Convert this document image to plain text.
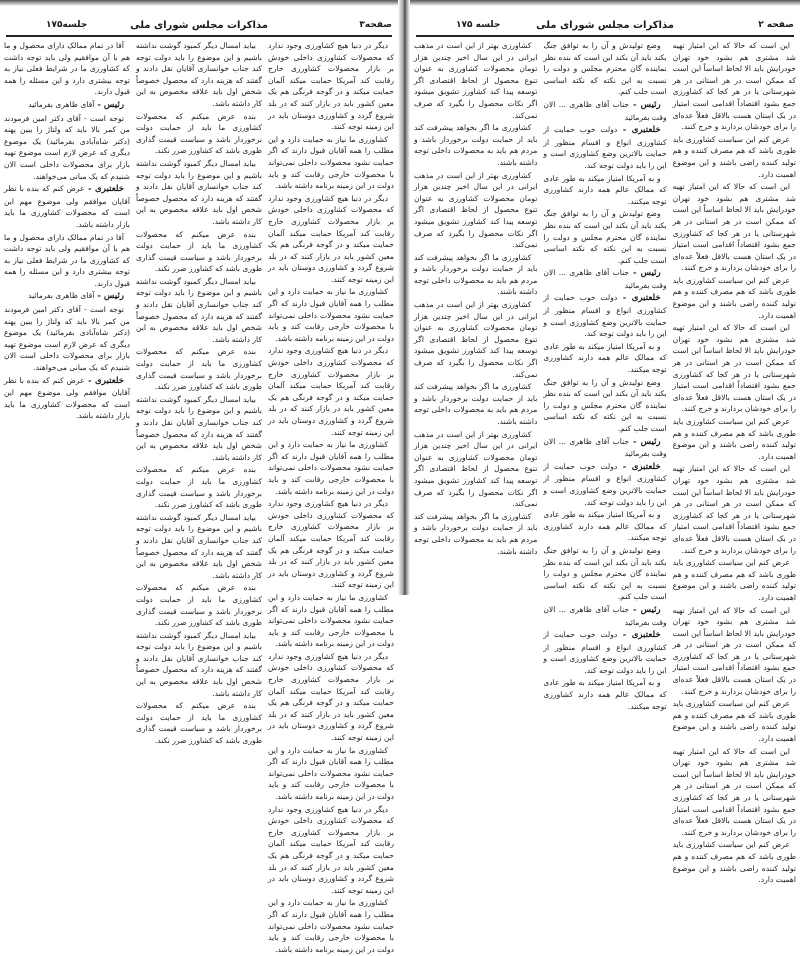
صفحه۳
مذاکرات مجلس شورای ملی
جلسه۱۷۵

دیگر در دنیا هیچ کشاورزی وجود ندارد که محصولات کشاورزی داخلی خودش بر بازار محصولات کشاورزی خارج رقابت کند آمریکا حمایت میکند آلمان حمایت میکند و در گوجه فرنگی هم یک معین کشور باید در بازار کنند که در بلد شروع گردد و کشاورزی دوستان باید در این زمینه توجه کنند.

کشاورزی ما نیاز به حمایت دارد و این مطلب را همه آقایان قبول دارند که اگر حمایت نشود محصولات داخلی نمی‌تواند با محصولات خارجی رقابت کند و باید دولت در این زمینه برنامه داشته باشد.

دیگر در دنیا هیچ کشاورزی وجود ندارد که محصولات کشاورزی داخلی خودش بر بازار محصولات کشاورزی خارج رقابت کند آمریکا حمایت میکند آلمان حمایت میکند و در گوجه فرنگی هم یک معین کشور باید در بازار کنند که در بلد شروع گردد و کشاورزی دوستان باید در این زمینه توجه کنند.

کشاورزی ما نیاز به حمایت دارد و این مطلب را همه آقایان قبول دارند که اگر حمایت نشود محصولات داخلی نمی‌تواند با محصولات خارجی رقابت کند و باید دولت در این زمینه برنامه داشته باشد.

دیگر در دنیا هیچ کشاورزی وجود ندارد که محصولات کشاورزی داخلی خودش بر بازار محصولات کشاورزی خارج رقابت کند آمریکا حمایت میکند آلمان حمایت میکند و در گوجه فرنگی هم یک معین کشور باید در بازار کنند که در بلد شروع گردد و کشاورزی دوستان باید در این زمینه توجه کنند.

کشاورزی ما نیاز به حمایت دارد و این مطلب را همه آقایان قبول دارند که اگر حمایت نشود محصولات داخلی نمی‌تواند با محصولات خارجی رقابت کند و باید دولت در این زمینه برنامه داشته باشد.

دیگر در دنیا هیچ کشاورزی وجود ندارد که محصولات کشاورزی داخلی خودش بر بازار محصولات کشاورزی خارج رقابت کند آمریکا حمایت میکند آلمان حمایت میکند و در گوجه فرنگی هم یک معین کشور باید در بازار کنند که در بلد شروع گردد و کشاورزی دوستان باید در این زمینه توجه کنند.

کشاورزی ما نیاز به حمایت دارد و این مطلب را همه آقایان قبول دارند که اگر حمایت نشود محصولات داخلی نمی‌تواند با محصولات خارجی رقابت کند و باید دولت در این زمینه برنامه داشته باشد.

دیگر در دنیا هیچ کشاورزی وجود ندارد که محصولات کشاورزی داخلی خودش بر بازار محصولات کشاورزی خارج رقابت کند آمریکا حمایت میکند آلمان حمایت میکند و در گوجه فرنگی هم یک معین کشور باید در بازار کنند که در بلد شروع گردد و کشاورزی دوستان باید در این زمینه توجه کنند.

کشاورزی ما نیاز به حمایت دارد و این مطلب را همه آقایان قبول دارند که اگر حمایت نشود محصولات داخلی نمی‌تواند با محصولات خارجی رقابت کند و باید دولت در این زمینه برنامه داشته باشد.

دیگر در دنیا هیچ کشاورزی وجود ندارد که محصولات کشاورزی داخلی خودش بر بازار محصولات کشاورزی خارج رقابت کند آمریکا حمایت میکند آلمان حمایت میکند و در گوجه فرنگی هم یک معین کشور باید در بازار کنند که در بلد شروع گردد و کشاورزی دوستان باید در این زمینه توجه کنند.

کشاورزی ما نیاز به حمایت دارد و این مطلب را همه آقایان قبول دارند که اگر حمایت نشود محصولات داخلی نمی‌تواند با محصولات خارجی رقابت کند و باید دولت در این زمینه برنامه داشته باشد.

بیاید امسال دیگر کمبود گوشت نداشته باشیم و این موضوع را باید دولت توجه کند جناب خوانساری آقایان نقل دادند و گفتند که هزینه دارد که محصول خصوصاً شخص اول باید علاقه مخصوص به این کار داشته باشد.

بنده عرض میکنم که محصولات کشاورزی ما باید از حمایت دولت برخوردار باشد و سیاست قیمت گذاری طوری باشد که کشاورز ضرر نکند.

بیاید امسال دیگر کمبود گوشت نداشته باشیم و این موضوع را باید دولت توجه کند جناب خوانساری آقایان نقل دادند و گفتند که هزینه دارد که محصول خصوصاً شخص اول باید علاقه مخصوص به این کار داشته باشد.

بنده عرض میکنم که محصولات کشاورزی ما باید از حمایت دولت برخوردار باشد و سیاست قیمت گذاری طوری باشد که کشاورز ضرر نکند.

بیاید امسال دیگر کمبود گوشت نداشته باشیم و این موضوع را باید دولت توجه کند جناب خوانساری آقایان نقل دادند و گفتند که هزینه دارد که محصول خصوصاً شخص اول باید علاقه مخصوص به این کار داشته باشد.

بنده عرض میکنم که محصولات کشاورزی ما باید از حمایت دولت برخوردار باشد و سیاست قیمت گذاری طوری باشد که کشاورز ضرر نکند.

بیاید امسال دیگر کمبود گوشت نداشته باشیم و این موضوع را باید دولت توجه کند جناب خوانساری آقایان نقل دادند و گفتند که هزینه دارد که محصول خصوصاً شخص اول باید علاقه مخصوص به این کار داشته باشد.

بنده عرض میکنم که محصولات کشاورزی ما باید از حمایت دولت برخوردار باشد و سیاست قیمت گذاری طوری باشد که کشاورز ضرر نکند.

بیاید امسال دیگر کمبود گوشت نداشته باشیم و این موضوع را باید دولت توجه کند جناب خوانساری آقایان نقل دادند و گفتند که هزینه دارد که محصول خصوصاً شخص اول باید علاقه مخصوص به این کار داشته باشد.

بنده عرض میکنم که محصولات کشاورزی ما باید از حمایت دولت برخوردار باشد و سیاست قیمت گذاری طوری باشد که کشاورز ضرر نکند.

بیاید امسال دیگر کمبود گوشت نداشته باشیم و این موضوع را باید دولت توجه کند جناب خوانساری آقایان نقل دادند و گفتند که هزینه دارد که محصول خصوصاً شخص اول باید علاقه مخصوص به این کار داشته باشد.

بنده عرض میکنم که محصولات کشاورزی ما باید از حمایت دولت برخوردار باشد و سیاست قیمت گذاری طوری باشد که کشاورز ضرر نکند.

آقا در تمام ممالک دارای محصول و ما هم با آن موافقیم ولی باید توجه داشت که کشاورزی ما در شرایط فعلی نیاز به توجه بیشتری دارد و این مسئله را همه قبول دارند.

رئیس - آقای ظاهری بفرمائید

توجه است - آقای دکتر امین فرمودند من کمر بالا باید که ولتاژ را ببین پهنه (دکتر شاه‌آبادی بفرمائید) یک موضوع دیگری که عرض لازم است موضوع تهیه بازار برای محصولات داخلی است الان شنیدم که یک مبانی می‌خواهند.

خلعتبری - عرض کنم که بنده با نظر آقایان موافقم ولی موضوع مهم این است که محصولات کشاورزی ما باید بازار داشته باشد.

آقا در تمام ممالک دارای محصول و ما هم با آن موافقیم ولی باید توجه داشت که کشاورزی ما در شرایط فعلی نیاز به توجه بیشتری دارد و این مسئله را همه قبول دارند.

رئیس - آقای ظاهری بفرمائید

توجه است - آقای دکتر امین فرمودند من کمر بالا باید که ولتاژ را ببین پهنه (دکتر شاه‌آبادی بفرمائید) یک موضوع دیگری که عرض لازم است موضوع تهیه بازار برای محصولات داخلی است الان شنیدم که یک مبانی می‌خواهند.

خلعتبری - عرض کنم که بنده با نظر آقایان موافقم ولی موضوع مهم این است که محصولات کشاورزی ما باید بازار داشته باشد.

صفحه ۲
مذاکرات مجلس شورای ملی
جلسه ۱۷۵

این است که حالا که این امتیاز تهیه شد مشتری هم بشود خود تهران خودرایش باید الا لحاظ اساساً این است که ممکن است در هر استانی در هر شهرستانی یا در هر کجا که کشاورزی جمع بشود اقتصاداً اقدامی است امتیاز در یک استان هست بالاقل فعلاً عده‌ای را برای خودشان بردارند و خرج کنند.

عرض کنم این سیاست کشاورزی باید طوری باشد که هم مصرف کننده و هم تولید کننده راضی باشند و این موضوع اهمیت دارد.

این است که حالا که این امتیاز تهیه شد مشتری هم بشود خود تهران خودرایش باید الا لحاظ اساساً این است که ممکن است در هر استانی در هر شهرستانی یا در هر کجا که کشاورزی جمع بشود اقتصاداً اقدامی است امتیاز در یک استان هست بالاقل فعلاً عده‌ای را برای خودشان بردارند و خرج کنند.

عرض کنم این سیاست کشاورزی باید طوری باشد که هم مصرف کننده و هم تولید کننده راضی باشند و این موضوع اهمیت دارد.

این است که حالا که این امتیاز تهیه شد مشتری هم بشود خود تهران خودرایش باید الا لحاظ اساساً این است که ممکن است در هر استانی در هر شهرستانی یا در هر کجا که کشاورزی جمع بشود اقتصاداً اقدامی است امتیاز در یک استان هست بالاقل فعلاً عده‌ای را برای خودشان بردارند و خرج کنند.

عرض کنم این سیاست کشاورزی باید طوری باشد که هم مصرف کننده و هم تولید کننده راضی باشند و این موضوع اهمیت دارد.

این است که حالا که این امتیاز تهیه شد مشتری هم بشود خود تهران خودرایش باید الا لحاظ اساساً این است که ممکن است در هر استانی در هر شهرستانی یا در هر کجا که کشاورزی جمع بشود اقتصاداً اقدامی است امتیاز در یک استان هست بالاقل فعلاً عده‌ای را برای خودشان بردارند و خرج کنند.

عرض کنم این سیاست کشاورزی باید طوری باشد که هم مصرف کننده و هم تولید کننده راضی باشند و این موضوع اهمیت دارد.

این است که حالا که این امتیاز تهیه شد مشتری هم بشود خود تهران خودرایش باید الا لحاظ اساساً این است که ممکن است در هر استانی در هر شهرستانی یا در هر کجا که کشاورزی جمع بشود اقتصاداً اقدامی است امتیاز در یک استان هست بالاقل فعلاً عده‌ای را برای خودشان بردارند و خرج کنند.

عرض کنم این سیاست کشاورزی باید طوری باشد که هم مصرف کننده و هم تولید کننده راضی باشند و این موضوع اهمیت دارد.

این است که حالا که این امتیاز تهیه شد مشتری هم بشود خود تهران خودرایش باید الا لحاظ اساساً این است که ممکن است در هر استانی در هر شهرستانی یا در هر کجا که کشاورزی جمع بشود اقتصاداً اقدامی است امتیاز در یک استان هست بالاقل فعلاً عده‌ای را برای خودشان بردارند و خرج کنند.

عرض کنم این سیاست کشاورزی باید طوری باشد که هم مصرف کننده و هم تولید کننده راضی باشند و این موضوع اهمیت دارد.

وضع تولیدش و آن را به توافق جنگ بکند باید آن بکند این است که بنده نظر نماینده گان محترم مجلس و دولت را نسبت به این نکته که نکته اساسی است جلب کنم.

رئیس - جناب آقای ظاهری ... الان وقت بفرمائید

خلعتبری - دولت خوب حمایت از کشاورزی انواع و اقسام منظور از حمایت بالاترین وضع کشاورزی است و این را باید دولت توجه کند.

و به آمریکا امتیاز میکند به طور عادی که ممالک عالم همه دارند کشاورزی توجه میکنند.

وضع تولیدش و آن را به توافق جنگ بکند باید آن بکند این است که بنده نظر نماینده گان محترم مجلس و دولت را نسبت به این نکته که نکته اساسی است جلب کنم.

رئیس - جناب آقای ظاهری ... الان وقت بفرمائید

خلعتبری - دولت خوب حمایت از کشاورزی انواع و اقسام منظور از حمایت بالاترین وضع کشاورزی است و این را باید دولت توجه کند.

و به آمریکا امتیاز میکند به طور عادی که ممالک عالم همه دارند کشاورزی توجه میکنند.

وضع تولیدش و آن را به توافق جنگ بکند باید آن بکند این است که بنده نظر نماینده گان محترم مجلس و دولت را نسبت به این نکته که نکته اساسی است جلب کنم.

رئیس - جناب آقای ظاهری ... الان وقت بفرمائید

خلعتبری - دولت خوب حمایت از کشاورزی انواع و اقسام منظور از حمایت بالاترین وضع کشاورزی است و این را باید دولت توجه کند.

و به آمریکا امتیاز میکند به طور عادی که ممالک عالم همه دارند کشاورزی توجه میکنند.

وضع تولیدش و آن را به توافق جنگ بکند باید آن بکند این است که بنده نظر نماینده گان محترم مجلس و دولت را نسبت به این نکته که نکته اساسی است جلب کنم.

رئیس - جناب آقای ظاهری ... الان وقت بفرمائید

خلعتبری - دولت خوب حمایت از کشاورزی انواع و اقسام منظور از حمایت بالاترین وضع کشاورزی است و این را باید دولت توجه کند.

و به آمریکا امتیاز میکند به طور عادی که ممالک عالم همه دارند کشاورزی توجه میکنند.

کشاورزی بهتر از این است در مذهب ایرانی در این سال اخیر چندین هزار تومان محصولات کشاورزی به عنوان تنوع محصول از لحاظ اقتصادی اگر توسعه پیدا کند کشاورز تشویق میشود اگر نکات محصول را بگیرد که صرف نمی‌کند.

کشاورزی ما اگر بخواهد پیشرفت کند باید از حمایت دولت برخوردار باشد و مردم هم باید به محصولات داخلی توجه داشته باشند.

کشاورزی بهتر از این است در مذهب ایرانی در این سال اخیر چندین هزار تومان محصولات کشاورزی به عنوان تنوع محصول از لحاظ اقتصادی اگر توسعه پیدا کند کشاورز تشویق میشود اگر نکات محصول را بگیرد که صرف نمی‌کند.

کشاورزی ما اگر بخواهد پیشرفت کند باید از حمایت دولت برخوردار باشد و مردم هم باید به محصولات داخلی توجه داشته باشند.

کشاورزی بهتر از این است در مذهب ایرانی در این سال اخیر چندین هزار تومان محصولات کشاورزی به عنوان تنوع محصول از لحاظ اقتصادی اگر توسعه پیدا کند کشاورز تشویق میشود اگر نکات محصول را بگیرد که صرف نمی‌کند.

کشاورزی ما اگر بخواهد پیشرفت کند باید از حمایت دولت برخوردار باشد و مردم هم باید به محصولات داخلی توجه داشته باشند.

کشاورزی بهتر از این است در مذهب ایرانی در این سال اخیر چندین هزار تومان محصولات کشاورزی به عنوان تنوع محصول از لحاظ اقتصادی اگر توسعه پیدا کند کشاورز تشویق میشود اگر نکات محصول را بگیرد که صرف نمی‌کند.

کشاورزی ما اگر بخواهد پیشرفت کند باید از حمایت دولت برخوردار باشد و مردم هم باید به محصولات داخلی توجه داشته باشند.
